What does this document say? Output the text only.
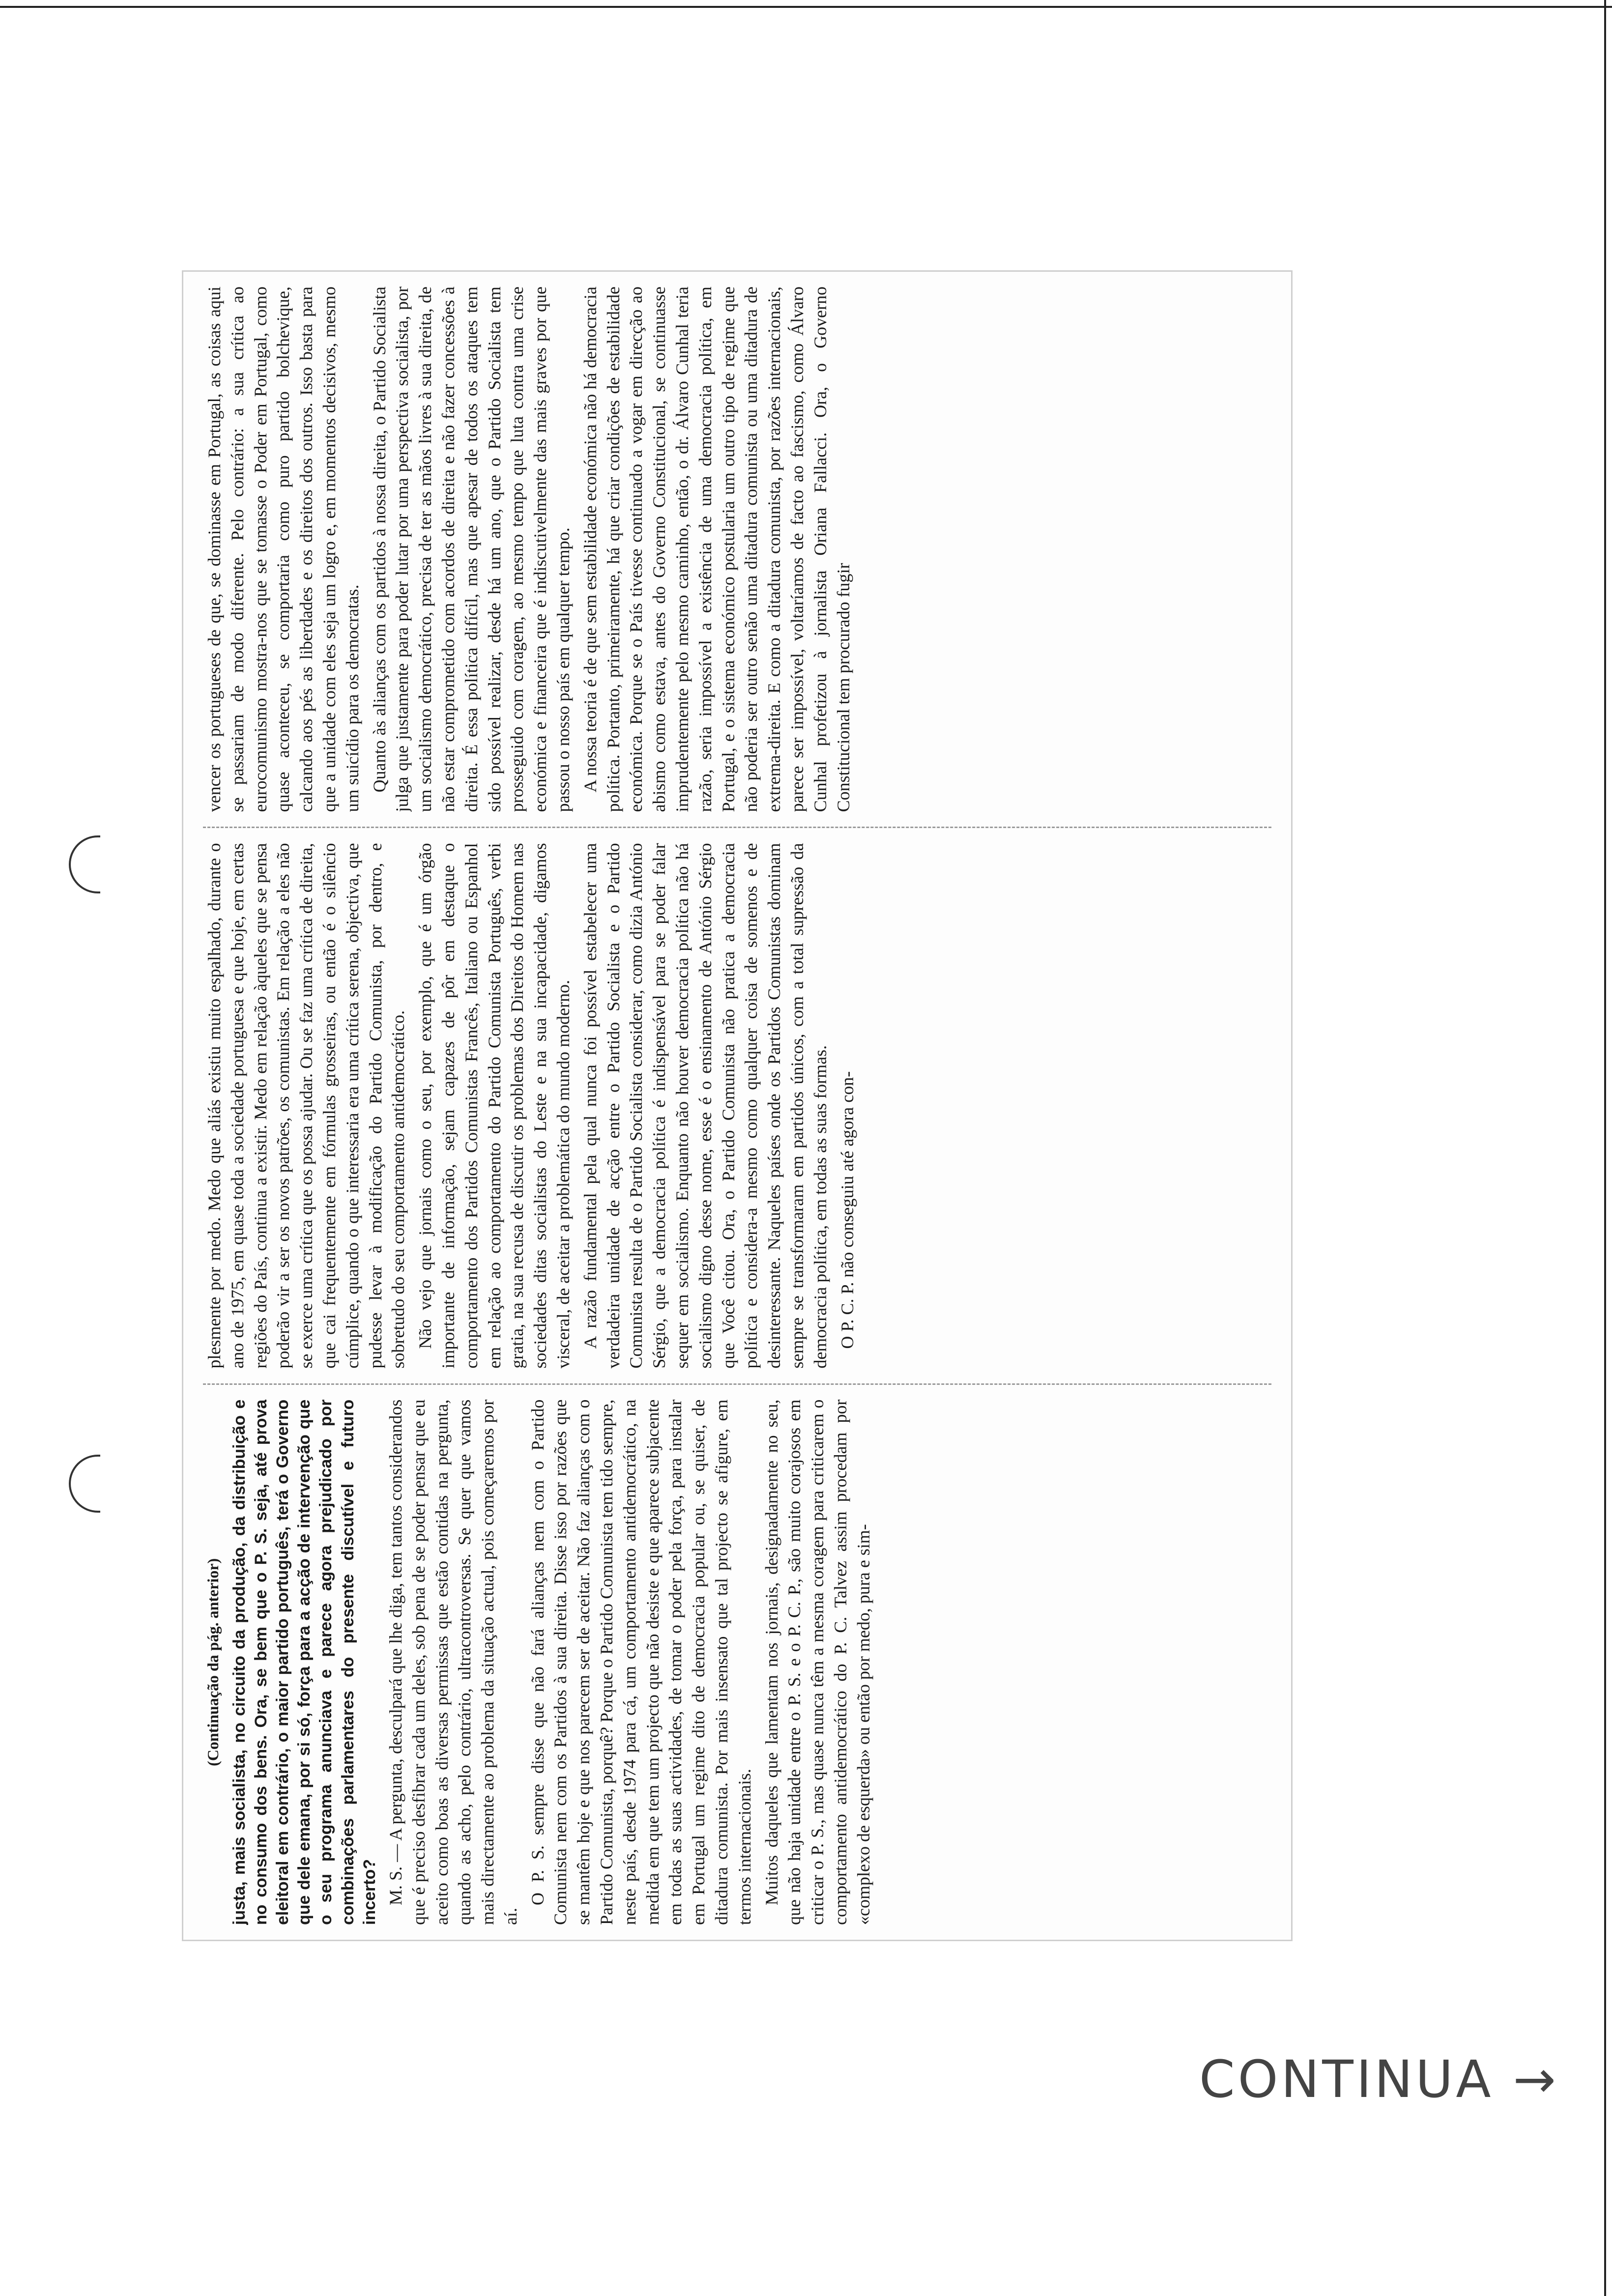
(Continuação da pág. anterior) justa, mais socialista, no circuito da produção, da distribuição e no consumo dos bens. Ora, se bem que o P. S. seja, até prova eleitoral em contrário, o maior partido português, terá o Governo que dele emana, por si só, força para a acção de intervenção que o seu programa anunciava e parece agora prejudicado por combinações parlamentares do presente discutível e futuro incerto? M. S. — A pergunta, desculpará que lhe diga, tem tantos considerandos que é preciso desfibrar cada um deles, sob pena de se poder pensar que eu aceito como boas as diversas permissas que estão contidas na pergunta, quando as acho, pelo contrário, ultracontroversas. Se quer que vamos mais directamente ao problema da situação actual, pois começaremos por aí.

O P. S. sempre disse que não fará alianças nem com o Partido Comunista nem com os Partidos à sua direita. Disse isso por razões que se mantêm hoje e que nos parecem ser de aceitar. Não faz alianças com o Partido Comunista, porquê? Porque o Partido Comunista tem tido sempre, neste país, desde 1974 para cá, um comportamento antidemocrático, na medida em que tem um projecto que não desiste e que aparece subjacente em todas as suas actividades, de tomar o poder pela força, para instalar em Portugal um regime dito de democracia popular ou, se quiser, de ditadura comunista. Por mais insensato que tal projecto se afigure, em termos internacionais. Muitos daqueles que lamentam nos jornais, designadamente no seu, que não haja unidade entre o P. S. e o P. C. P., são muito corajosos em criticar o P. S., mas quase nunca têm a mesma coragem para criticarem o comportamento antidemocrático do P. C. Talvez assim procedam por «complexo de esquerda» ou então por medo, pura e sim-

plesmente por medo. Medo que aliás existiu muito espalhado, durante o ano de 1975, em quase toda a sociedade portuguesa e que hoje, em certas regiões do País, continua a existir. Medo em relação àqueles que se pensa poderão vir a ser os novos patrões, os comunistas. Em relação a eles não se exerce uma crítica que os possa ajudar. Ou se faz uma crítica de direita, que cai frequentemente em fórmulas grosseiras, ou então é o silêncio cúmplice, quando o que interessaria era uma crítica serena, objectiva, que pudesse levar à modificação do Partido Comunista, por dentro, e sobretudo do seu comportamento antidemocrático. Não vejo que jornais como o seu, por exemplo, que é um órgão importante de informação, sejam capazes de pôr em destaque o comportamento dos Partidos Comunistas Francês, Italiano ou Espanhol em relação ao comportamento do Partido Comunista Português, verbi gratia, na sua recusa de discutir os problemas dos Direitos do Homem nas sociedades ditas socialistas do Leste e na sua incapacidade, digamos visceral, de aceitar a problemática do mundo moderno. A razão fundamental pela qual nunca foi possível estabelecer uma verdadeira unidade de acção entre o Partido Socialista e o Partido Comunista resulta de o Partido Socialista considerar, como dizia António Sérgio, que a democracia política é indispensável para se poder falar sequer em socialismo. Enquanto não houver democracia política não há socialismo digno desse nome, esse é o ensinamento de António Sérgio que Você citou. Ora, o Partido Comunista não pratica a democracia política e considera-a mesmo como qualquer coisa de somenos e de desinteressante. Naqueles países onde os Partidos Comunistas dominam sempre se transformaram em partidos únicos, com a total supressão da democracia política, em todas as suas formas. O P. C. P. não conseguiu até agora con-

vencer os portugueses de que, se dominasse em Portugal, as coisas aqui se passariam de modo diferente. Pelo contrário: a sua crítica ao eurocomunismo mostra-nos que se tomasse o Poder em Portugal, como quase aconteceu, se comportaria como puro partido bolchevique, calcando aos pés as liberdades e os direitos dos outros. Isso basta para que a unidade com eles seja um logro e, em momentos decisivos, mesmo um suicídio para os democratas. Quanto às alianças com os partidos à nossa direita, o Partido Socialista julga que justamente para poder lutar por uma perspectiva socialista, por um socialismo democrático, precisa de ter as mãos livres à sua direita, de não estar comprometido com acordos de direita e não fazer concessões à direita. É essa política difícil, mas que apesar de todos os ataques tem sido possível realizar, desde há um ano, que o Partido Socialista tem prosseguido com coragem, ao mesmo tempo que luta contra uma crise económica e financeira que é indiscutivelmente das mais graves por que passou o nosso país em qualquer tempo. A nossa teoria é de que sem estabilidade económica não há democracia política. Portanto, primeiramente, há que criar condições de estabilidade económica. Porque se o País tivesse continuado a vogar em direcção ao abismo como estava, antes do Governo Constitucional, se continuasse imprudentemente pelo mesmo caminho, então, o dr. Álvaro Cunhal teria razão, seria impossível a existência de uma democracia política, em Portugal, e o sistema económico postularia um outro tipo de regime que não poderia ser outro senão uma ditadura comunista ou uma ditadura de extrema-direita. E como a ditadura comunista, por razões internacionais, parece ser impossível, voltaríamos de facto ao fascismo, como Álvaro Cunhal profetizou à jornalista Oriana Fallacci. Ora, o Governo Constitucional tem procurado fugir

CONTINUA →
